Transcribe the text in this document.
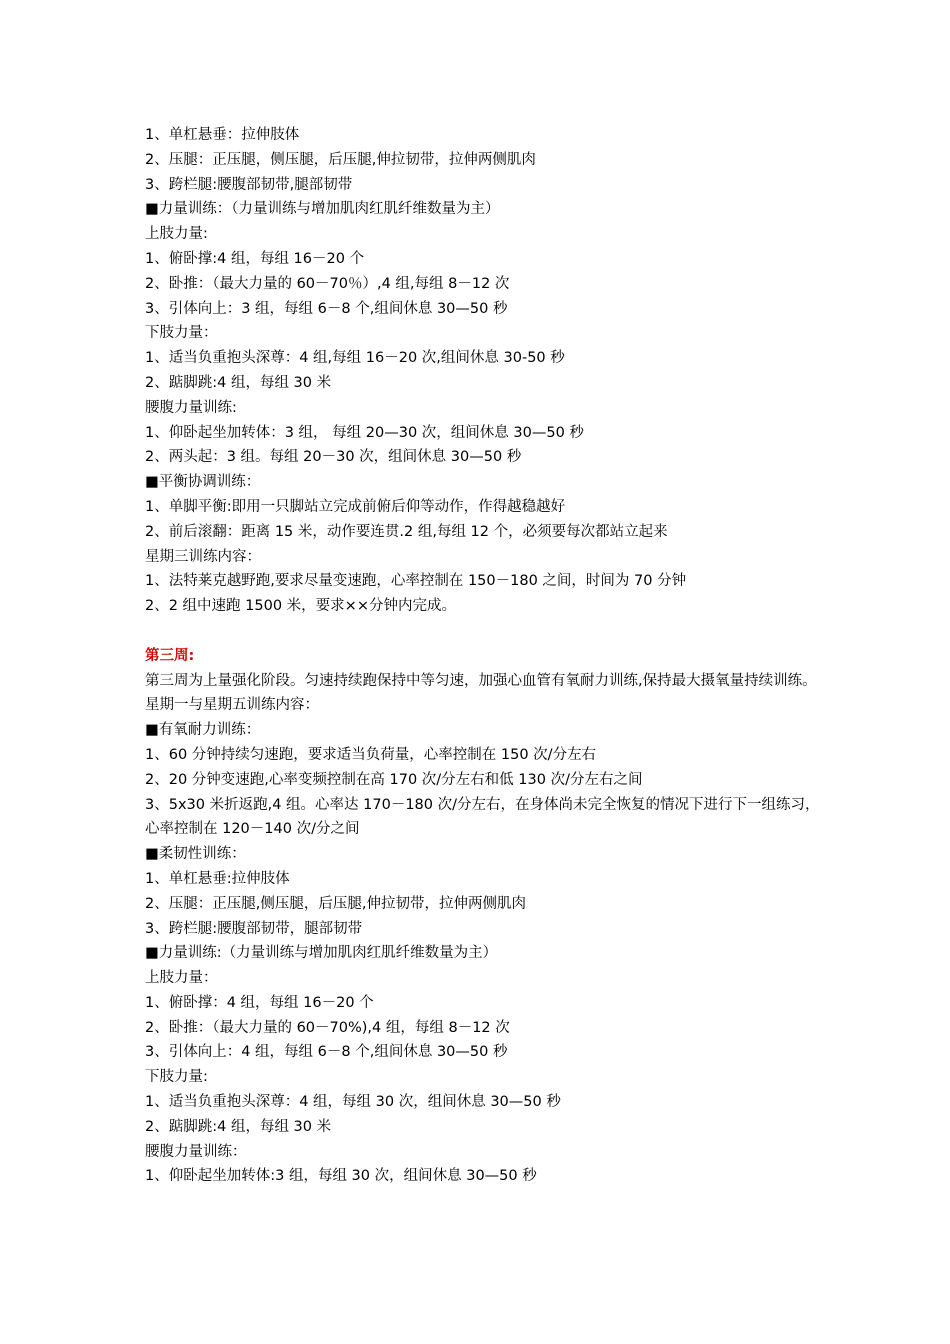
1、单杠悬垂：拉伸肢体
2、压腿：正压腿，侧压腿，后压腿,伸拉韧带，拉伸两侧肌肉
3、跨栏腿:腰腹部韧带,腿部韧带
■力量训练：（力量训练与增加肌肉红肌纤维数量为主）
上肢力量:
1、俯卧撑:4 组，每组 16－20 个
2、卧推：（最大力量的 60－70％）,4 组,每组 8－12 次
3、引体向上：3 组，每组 6－8 个,组间休息 30—50 秒
下肢力量：
1、适当负重抱头深尊：4 组,每组 16－20 次,组间休息 30-50 秒
2、踮脚跳:4 组，每组 30 米
腰腹力量训练:
1、仰卧起坐加转体：3 组， 每组 20—30 次，组间休息 30—50 秒
2、两头起：3 组。每组 20－30 次，组间休息 30—50 秒
■平衡协调训练：
1、单脚平衡:即用一只脚站立完成前俯后仰等动作，作得越稳越好
2、前后滚翻：距离 15 米，动作要连贯.2 组,每组 12 个，必须要每次都站立起来
星期三训练内容：
1、法特莱克越野跑,要求尽量变速跑，心率控制在 150－180 之间，时间为 70 分钟
2、2 组中速跑 1500 米，要求××分钟内完成。
第三周:
第三周为上量强化阶段。匀速持续跑保持中等匀速，加强心血管有氧耐力训练,保持最大摄氧量持续训练。
星期一与星期五训练内容：
■有氧耐力训练：
1、60 分钟持续匀速跑，要求适当负荷量，心率控制在 150 次/分左右
2、20 分钟变速跑,心率变频控制在高 170 次/分左右和低 130 次/分左右之间
3、5x30 米折返跑,4 组。心率达 170－180 次/分左右，在身体尚未完全恢复的情况下进行下一组练习，心率控制在 120－140 次/分之间
■柔韧性训练：
1、单杠悬垂:拉伸肢体
2、压腿：正压腿,侧压腿，后压腿,伸拉韧带，拉伸两侧肌肉
3、跨栏腿:腰腹部韧带，腿部韧带
■力量训练:（力量训练与增加肌肉红肌纤维数量为主）
上肢力量：
1、俯卧撑：4 组，每组 16－20 个
2、卧推：（最大力量的 60－70%),4 组，每组 8－12 次
3、引体向上：4 组，每组 6－8 个,组间休息 30—50 秒
下肢力量:
1、适当负重抱头深尊：4 组，每组 30 次，组间休息 30—50 秒
2、踮脚跳:4 组，每组 30 米
腰腹力量训练：
1、仰卧起坐加转体:3 组，每组 30 次，组间休息 30—50 秒
